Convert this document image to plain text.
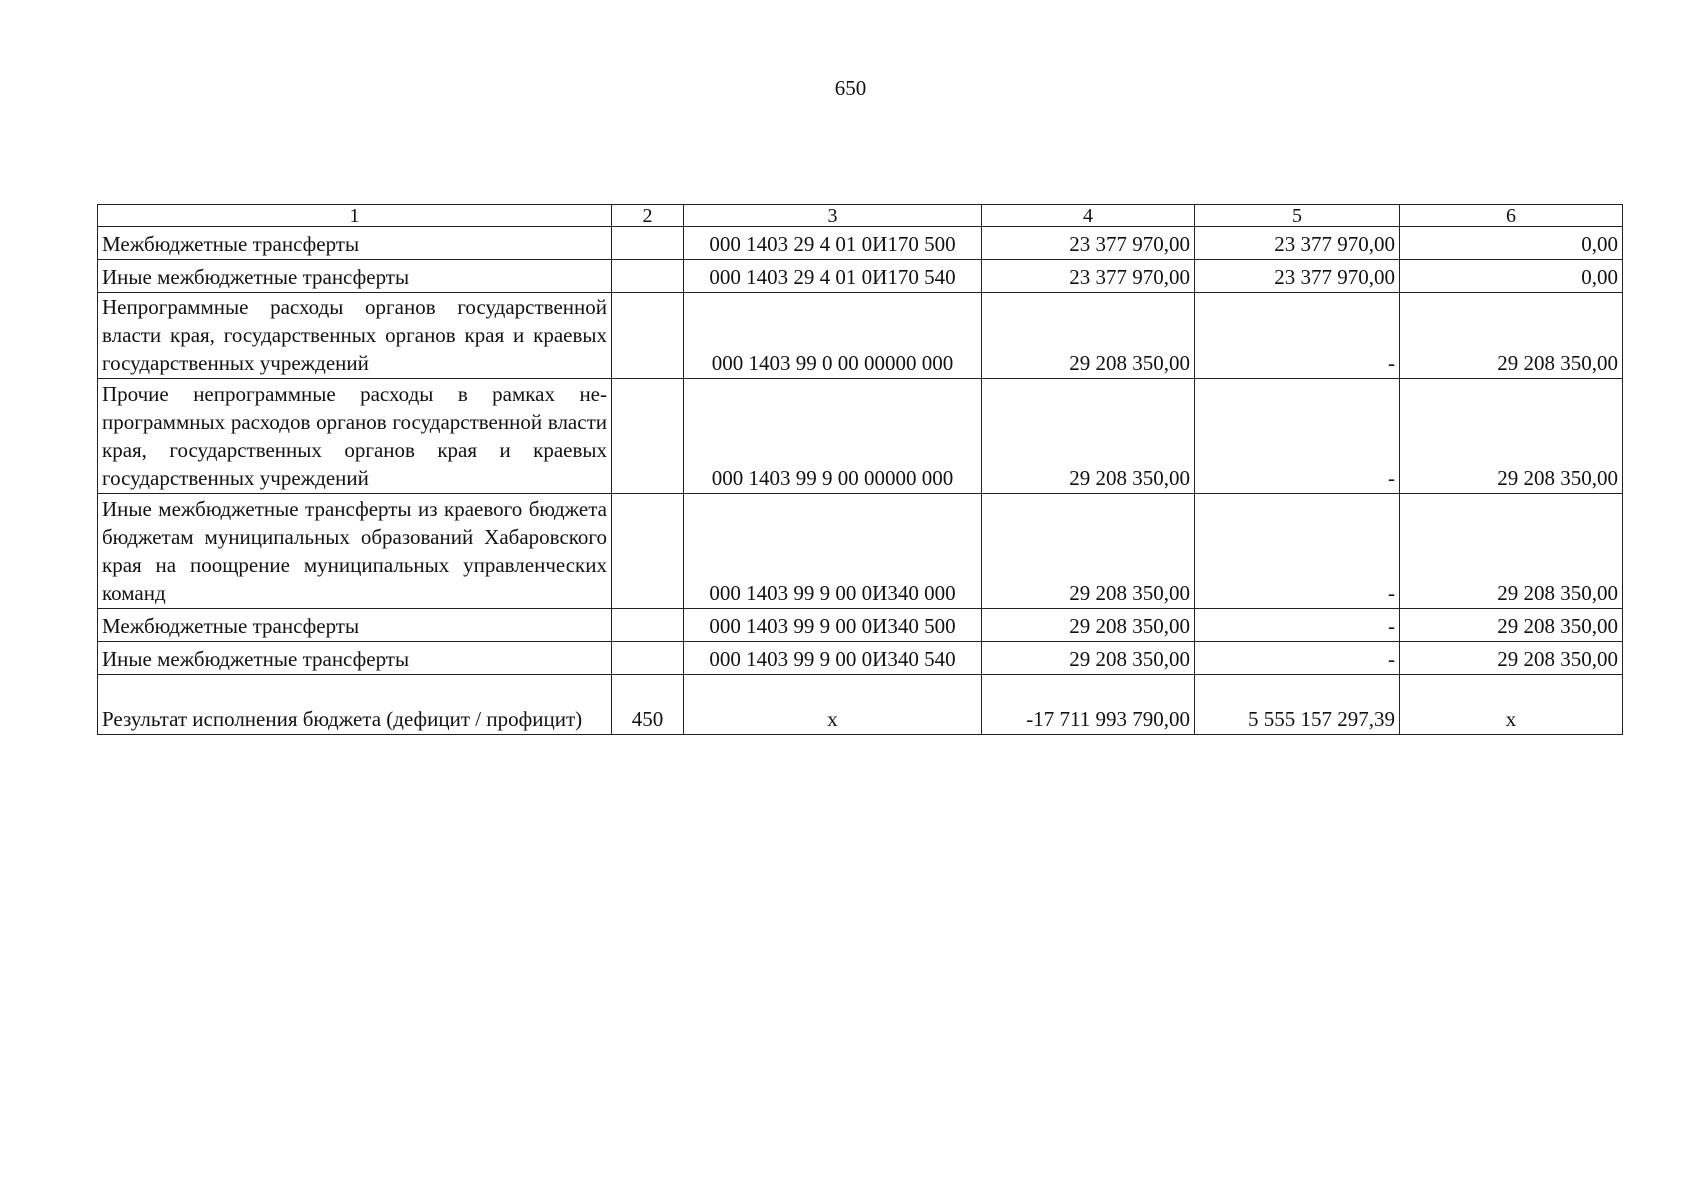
650
1	2	3	4	5	6
Межбюджетные трансферты		000 1403 29 4 01 0И170 500	23 377 970,00	23 377 970,00	0,00
Иные межбюджетные трансферты		000 1403 29 4 01 0И170 540	23 377 970,00	23 377 970,00	0,00
Непрограммные расходы органов государственной власти края, государственных органов края и краевых государственных учреждений		000 1403 99 0 00 00000 000	29 208 350,00	-	29 208 350,00
Прочие непрограммные расходы в рамках непрограммных расходов органов государственной власти края, государственных органов края и краевых государственных учреждений		000 1403 99 9 00 00000 000	29 208 350,00	-	29 208 350,00
Иные межбюджетные трансферты из краевого бюджета бюджетам муниципальных образований Хабаровского края на поощрение муниципальных управленческих команд		000 1403 99 9 00 0И340 000	29 208 350,00	-	29 208 350,00
Межбюджетные трансферты		000 1403 99 9 00 0И340 500	29 208 350,00	-	29 208 350,00
Иные межбюджетные трансферты		000 1403 99 9 00 0И340 540	29 208 350,00	-	29 208 350,00
Результат исполнения бюджета (дефицит / профицит)	450	x	-17 711 993 790,00	5 555 157 297,39	x
